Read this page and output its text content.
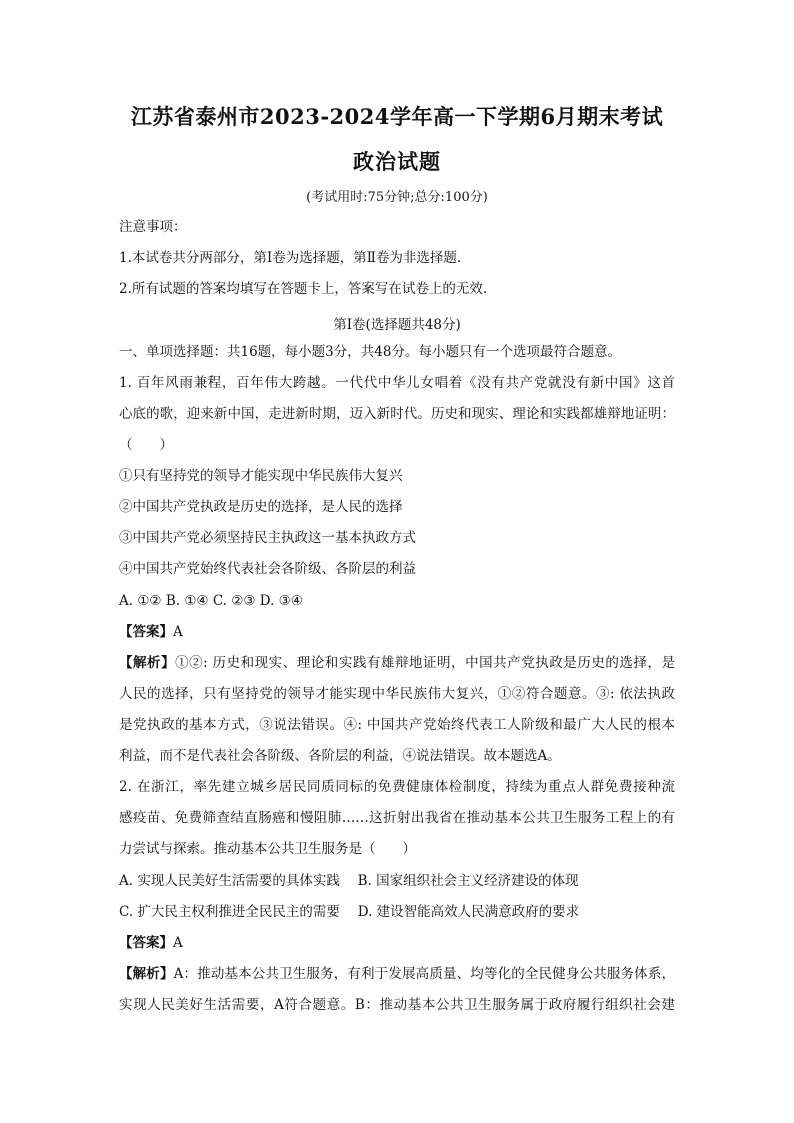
江苏省泰州市2023-2024学年高一下学期6月期末考试
政治试题
(考试用时:75分钟;总分:100分)
注意事项：
1.本试卷共分两部分，第Ⅰ卷为选择题，第Ⅱ卷为非选择题.
2.所有试题的答案均填写在答题卡上，答案写在试卷上的无效.
第Ⅰ卷(选择题共48分)
一、单项选择题：共16题，每小题3分，共48分。每小题只有一个选项最符合题意。
1. 百年风雨兼程，百年伟大跨越。一代代中华儿女唱着《没有共产党就没有新中国》这首
心底的歌，迎来新中国，走进新时期，迈入新时代。历史和现实、理论和实践都雄辩地证明：
（　　）
①只有坚持党的领导才能实现中华民族伟大复兴
②中国共产党执政是历史的选择，是人民的选择
③中国共产党必须坚持民主执政这一基本执政方式
④中国共产党始终代表社会各阶级、各阶层的利益
A. ①② B. ①④ C. ②③ D. ③④
【答案】A
【解析】①②: 历史和现实、理论和实践有雄辩地证明，中国共产党执政是历史的选择，是
人民的选择，只有坚持党的领导才能实现中华民族伟大复兴，①②符合题意。③: 依法执政
是党执政的基本方式，③说法错误。④: 中国共产党始终代表工人阶级和最广大人民的根本
利益，而不是代表社会各阶级、各阶层的利益，④说法错误。故本题选A。
2. 在浙江，率先建立城乡居民同质同标的免费健康体检制度，持续为重点人群免费接种流
感疫苗、免费筛查结直肠癌和慢阻肺……这折射出我省在推动基本公共卫生服务工程上的有
力尝试与探索。推动基本公共卫生服务是（　　）
A. 实现人民美好生活需要的具体实践　 B. 国家组织社会主义经济建设的体现
C. 扩大民主权利推进全民民主的需要　 D. 建设智能高效人民满意政府的要求
【答案】A
【解析】A：推动基本公共卫生服务，有利于发展高质量、均等化的全民健身公共服务体系，
实现人民美好生活需要，A符合题意。B：推动基本公共卫生服务属于政府履行组织社会建
